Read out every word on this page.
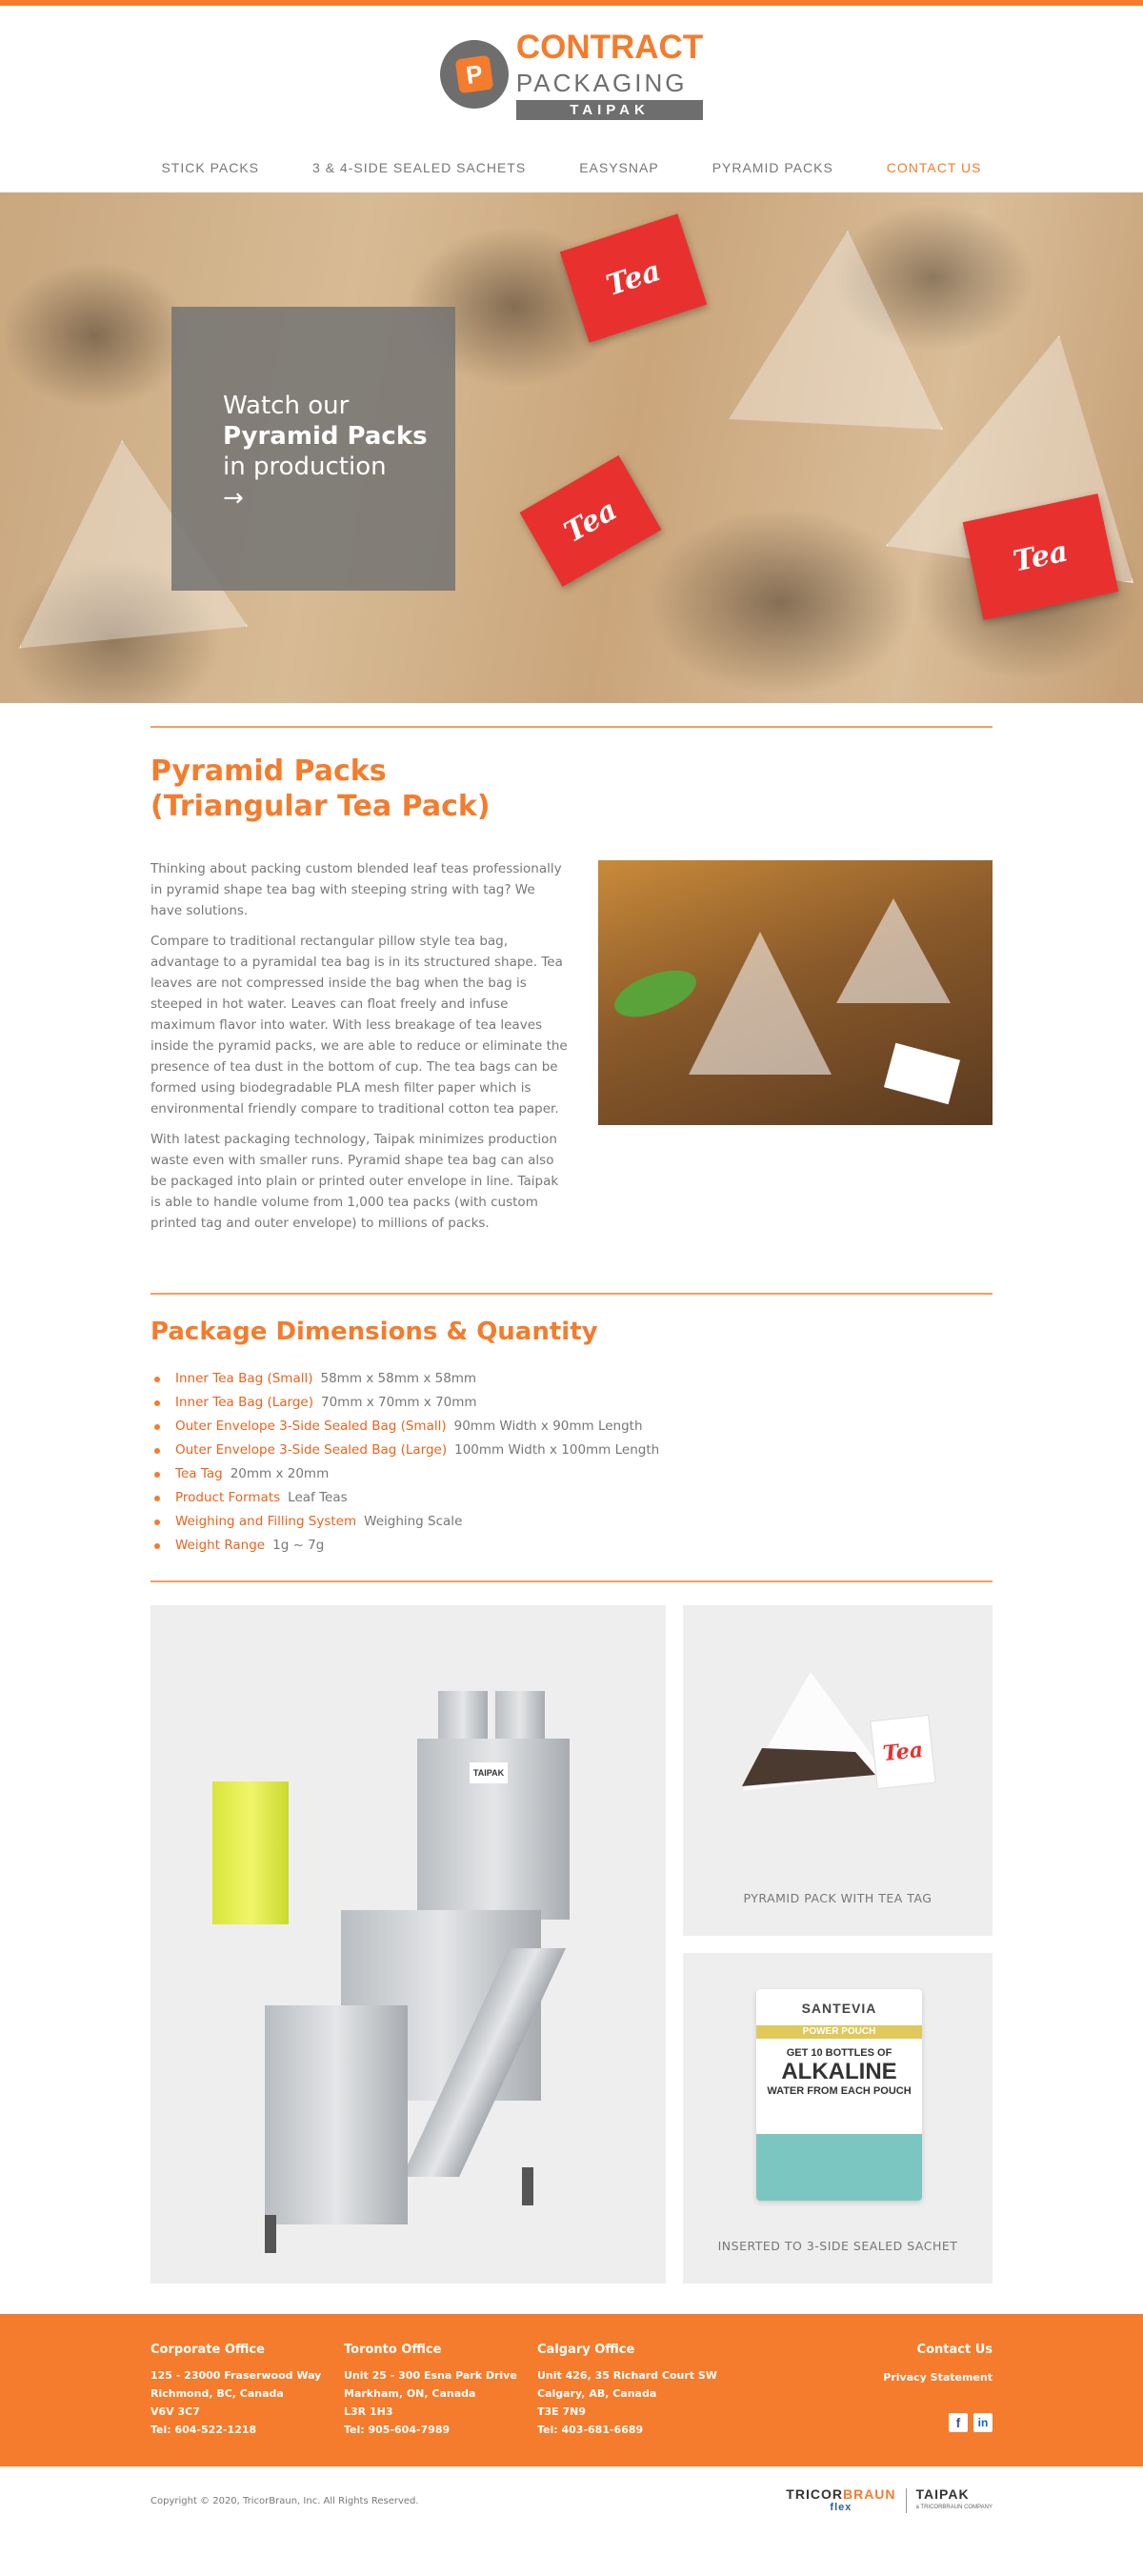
P
CONTRACT
PACKAGING
TAIPAK
STICK PACKS	3 & 4-SIDE SEALED SACHETS	EASYSNAP	PYRAMID PACKS	CONTACT US
Tea
Tea
Tea
Watch our
Pyramid Packs
in production
→
Pyramid Packs
(Triangular Tea Pack)

Thinking about packing custom blended leaf teas professionally in pyramid shape tea bag with steeping string with tag? We have solutions.

Compare to traditional rectangular pillow style tea bag, advantage to a pyramidal tea bag is in its structured shape. Tea leaves are not compressed inside the bag when the bag is steeped in hot water. Leaves can float freely and infuse maximum flavor into water. With less breakage of tea leaves inside the pyramid packs, we are able to reduce or eliminate the presence of tea dust in the bottom of cup. The tea bags can be formed using biodegradable PLA mesh filter paper which is environmental friendly compare to traditional cotton tea paper.

With latest packaging technology, Taipak minimizes production waste even with smaller runs. Pyramid shape tea bag can also be packaged into plain or printed outer envelope in line. Taipak is able to handle volume from 1,000 tea packs (with custom printed tag and outer envelope) to millions of packs.

Package Dimensions & Quantity
Inner Tea Bag (Small) 58mm x 58mm x 58mm
Inner Tea Bag (Large) 70mm x 70mm x 70mm
Outer Envelope 3-Side Sealed Bag (Small) 90mm Width x 90mm Length
Outer Envelope 3-Side Sealed Bag (Large) 100mm Width x 100mm Length
Tea Tag 20mm x 20mm
Product Formats Leaf Teas
Weighing and Filling System Weighing Scale
Weight Range 1g ~ 7g
TAIPAK
Tea
PYRAMID PACK WITH TEA TAG
SANTEVIA
POWER POUCH
GET 10 BOTTLES OF
ALKALINE
WATER FROM EACH POUCH
INSERTED TO 3-SIDE SEALED SACHET
Corporate Office

125 - 23000 Fraserwood Way
Richmond, BC, Canada
V6V 3C7
Tel: 604-522-1218

Toronto Office

Unit 25 - 300 Esna Park Drive
Markham, ON, Canada
L3R 1H3
Tel: 905-604-7989

Calgary Office

Unit 426, 35 Richard Court SW
Calgary, AB, Canada
T3E 7N9
Tel: 403-681-6689

Contact Us
Privacy Statement
f	in
Copyright © 2020, TricorBraun, Inc. All Rights Reserved.	TRICORBRAUN
flex
TAIPAK
a TRICORBRAUN COMPANY
